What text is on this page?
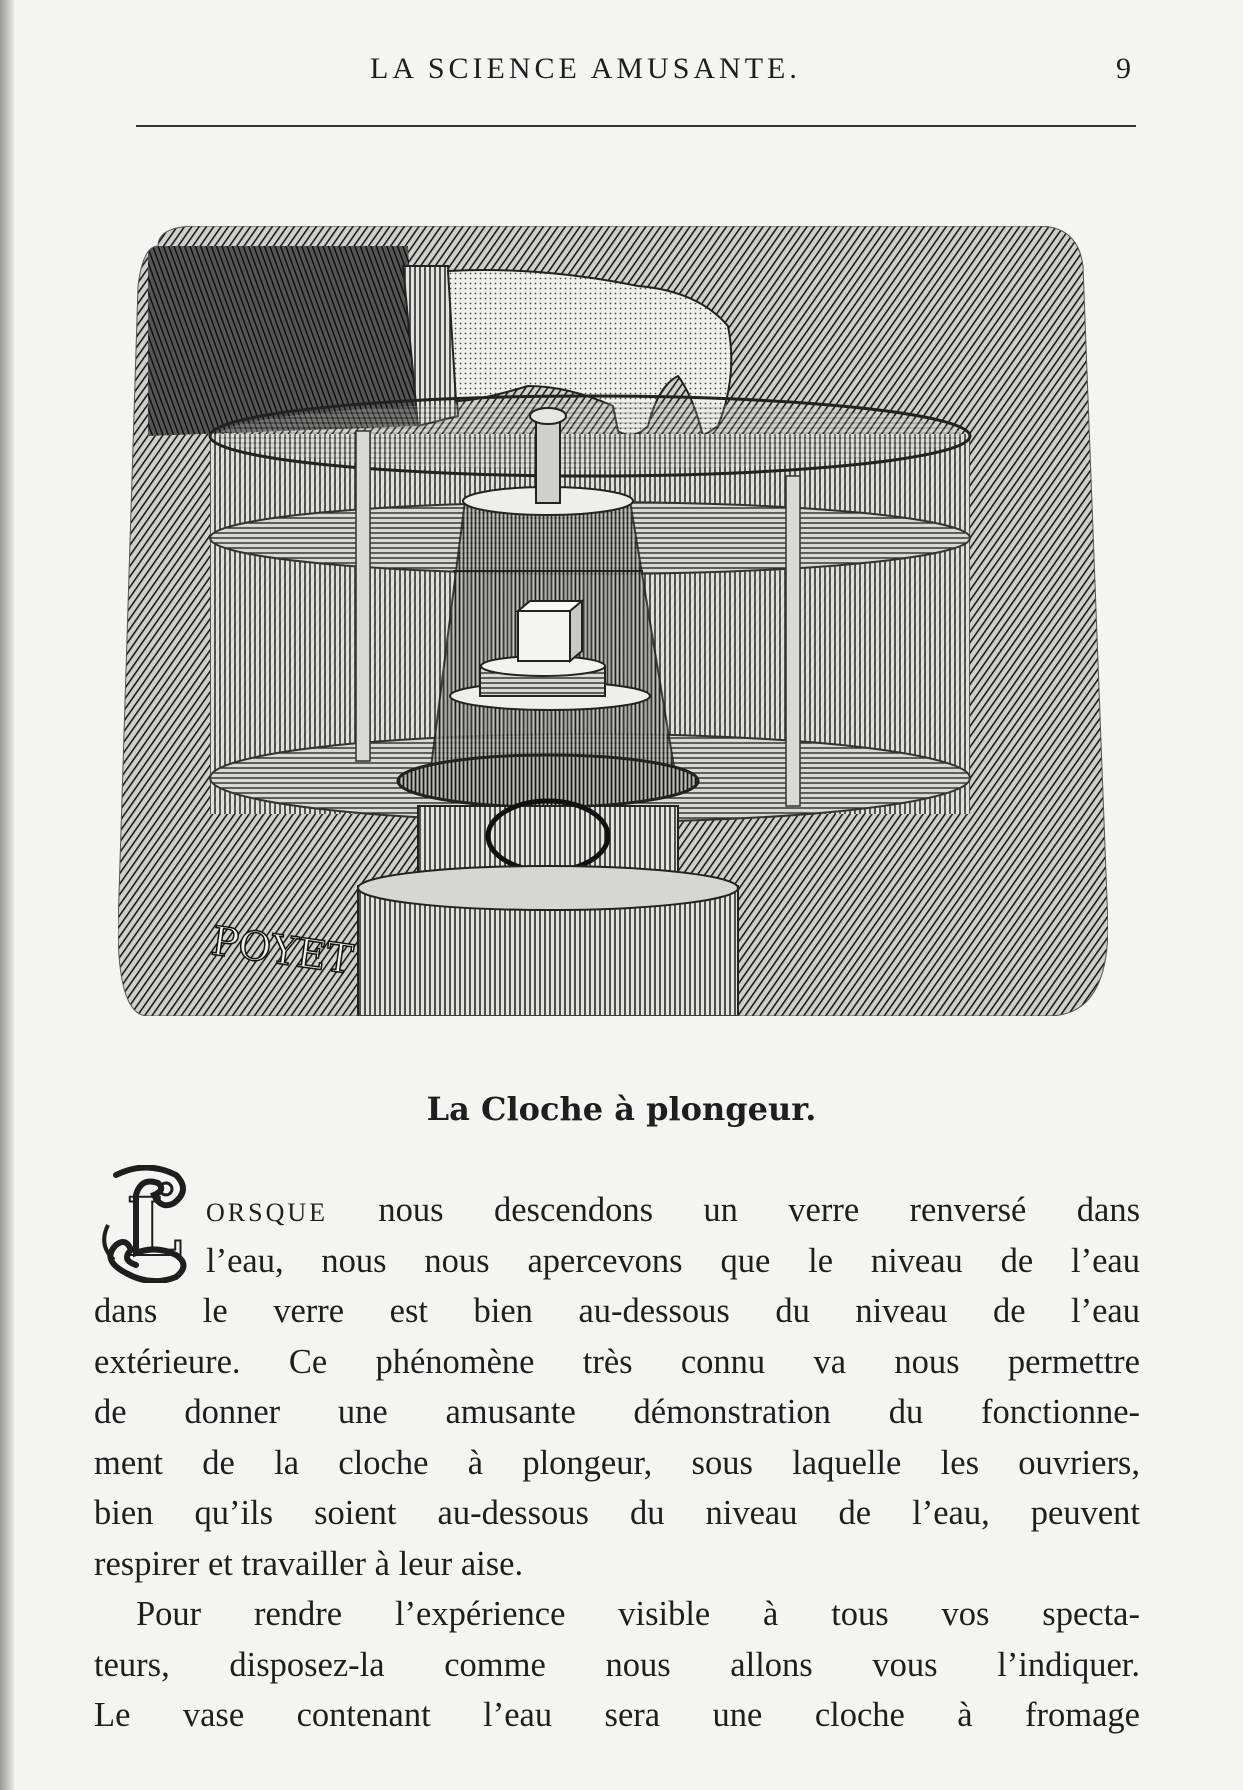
LA SCIENCE AMUSANTE.	9
POYET
La Cloche à plongeur.
L ORSQUE nous descendons un verre renversé dans
l’eau, nous nous apercevons que le niveau de l’eau
dans le verre est bien au-dessous du niveau de l’eau
extérieure. Ce phénomène très connu va nous permettre
de donner une amusante démonstration du fonctionne-
ment de la cloche à plongeur, sous laquelle les ouvriers,
bien qu’ils soient au-dessous du niveau de l’eau, peuvent
respirer et travailler à leur aise.
Pour rendre l’expérience visible à tous vos specta-
teurs, disposez-la comme nous allons vous l’indiquer.
Le vase contenant l’eau sera une cloche à fromage
